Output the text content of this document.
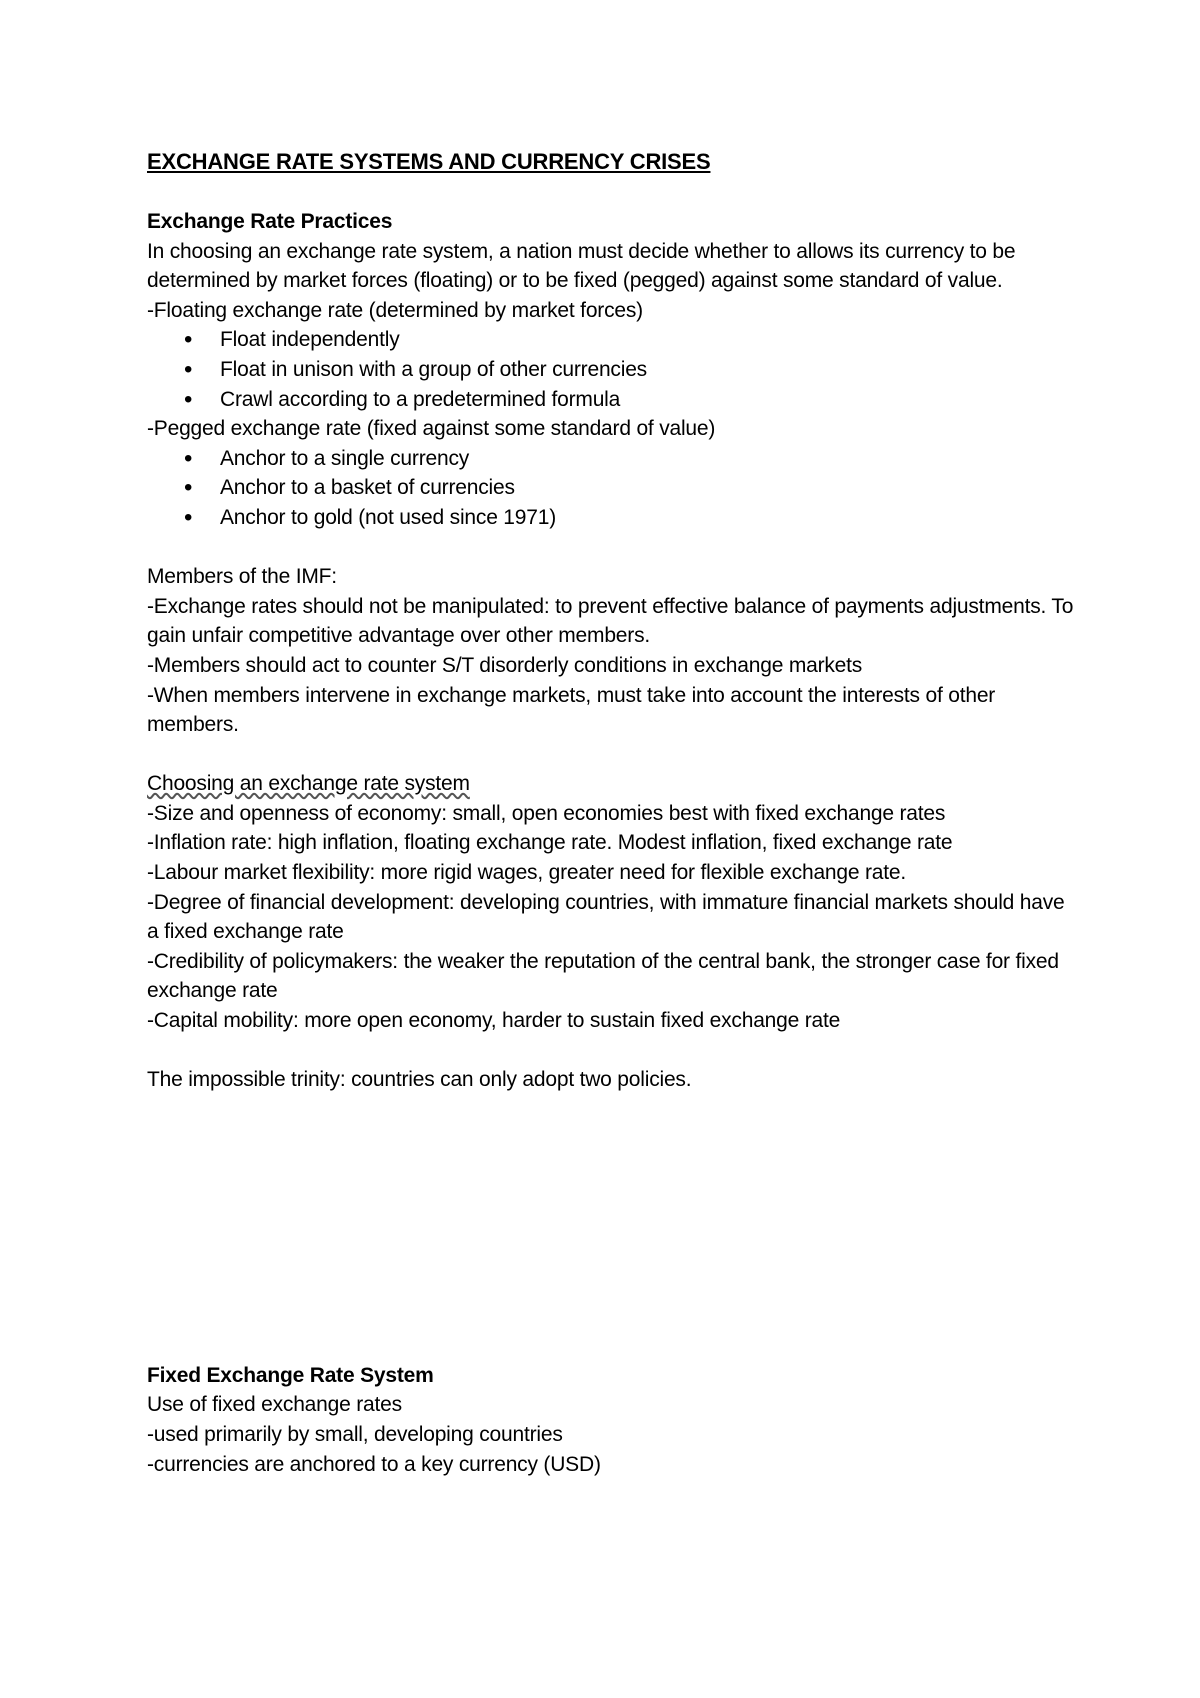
EXCHANGE RATE SYSTEMS AND CURRENCY CRISES

Exchange Rate Practices

In choosing an exchange rate system, a nation must decide whether to allows its currency to be determined by market forces (floating) or to be fixed (pegged) against some standard of value.

-Floating exchange rate (determined by market forces)

• Float independently
• Float in unison with a group of other currencies
• Crawl according to a predetermined formula

-Pegged exchange rate (fixed against some standard of value)

• Anchor to a single currency
• Anchor to a basket of currencies
• Anchor to gold (not used since 1971)

Members of the IMF:

-Exchange rates should not be manipulated: to prevent effective balance of payments adjustments. To gain unfair competitive advantage over other members.

-Members should act to counter S/T disorderly conditions in exchange markets

-When members intervene in exchange markets, must take into account the interests of other members.

Choosing an exchange rate system

-Size and openness of economy: small, open economies best with fixed exchange rates

-Inflation rate: high inflation, floating exchange rate. Modest inflation, fixed exchange rate

-Labour market flexibility: more rigid wages, greater need for flexible exchange rate.

-Degree of financial development: developing countries, with immature financial markets should have a fixed exchange rate

-Credibility of policymakers: the weaker the reputation of the central bank, the stronger case for fixed exchange rate

-Capital mobility: more open economy, harder to sustain fixed exchange rate

The impossible trinity: countries can only adopt two policies.

Fixed Exchange Rate System

Use of fixed exchange rates

-used primarily by small, developing countries

-currencies are anchored to a key currency (USD)
